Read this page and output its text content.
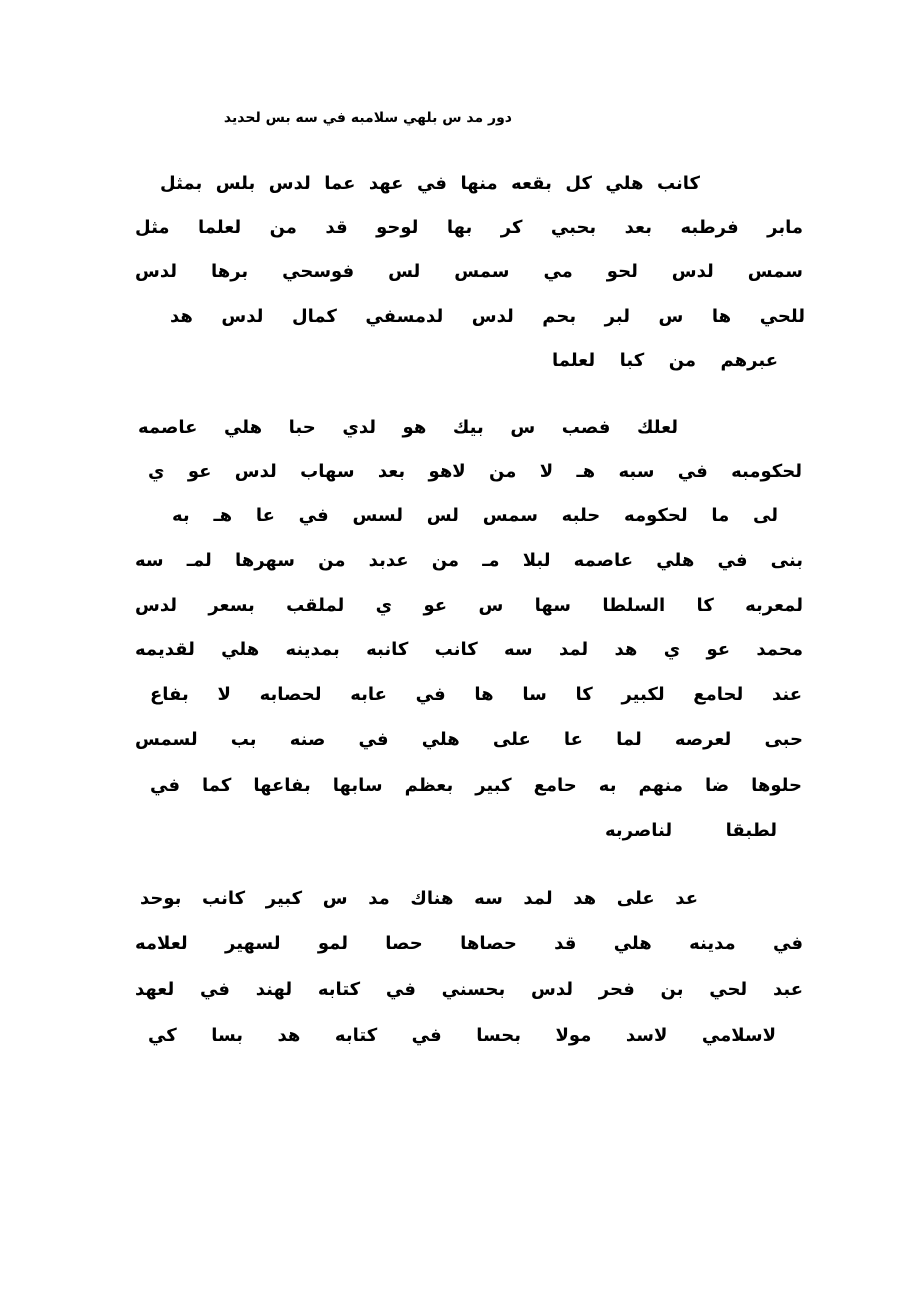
دور مد س بلهي سلامبه في سه بس لحديد
كانب هلي كل بقعه منها في عهد عما لدس بلس بمثل
مابر فرطبه بعد بحبي كر بها لوحو قد من لعلما مثل
سمس لدس لحو مي سمس لس فوسحي برها لدس
للحي ها س لبر بحم لدس لدمسفي كمال لدس هد
عبرهم من كبا لعلما
لعلك فصب س بيك هو لدي حبا هلي عاصمه
لحكومبه في سبه هـ لا من لاهو بعد سهاب لدس عو ي
لى ما لحكومه حلبه سمس لس لسس في عا هـ به
بنى في هلي عاصمه لبلا مـ من عدبد من سهرها لمـ سه
لمعربه كا السلطا سها س عو ي لملقب بسعر لدس
محمد عو ي هد لمد سه كانب كانبه بمدينه هلي لقديمه
عند لحامع لكبير كا سا ها في عابه لحصابه لا بفاع
حبى لعرصه لما عا على هلي في صنه بب لسمس
حلوها ضا منهم به حامع كبير بعظم سابها بفاعها كما في
لطبقا لناصربه
عد على هد لمد سه هناك مد س كبير كانب بوحد
في مدينه هلي قد حصاها حصا لمو لسهير لعلامه
عبد لحي بن فحر لدس بحسني في كتابه لهند في لعهد
لاسلامي لاسد مولا بحسا في كتابه هد بسا كي
